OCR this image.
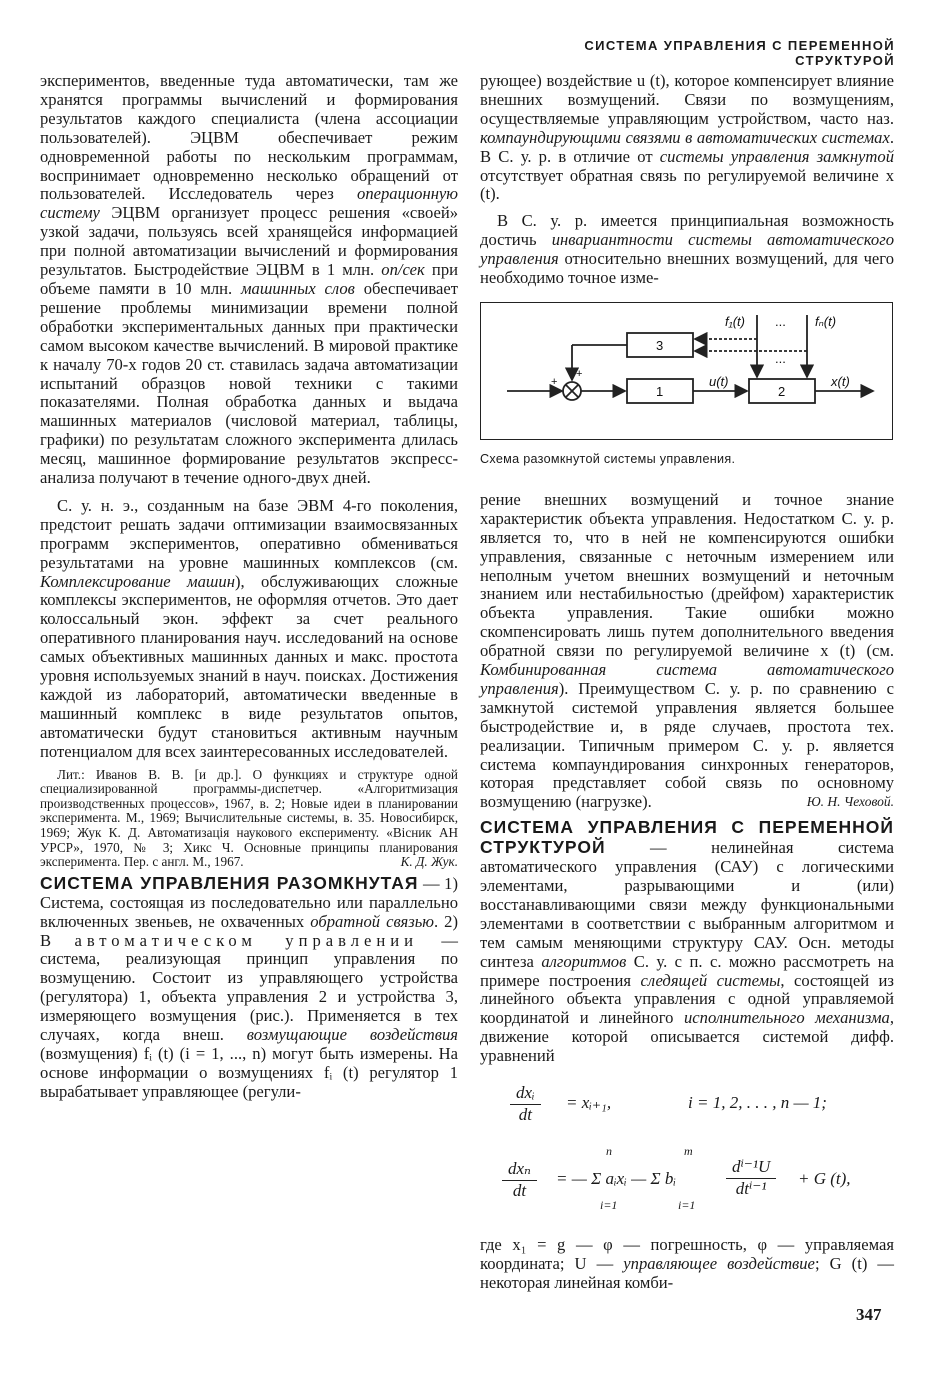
СИСТЕМА УПРАВЛЕНИЯ С ПЕРЕМЕННОЙ СТРУКТУРОЙ

экспериментов, введенные туда автоматически, там же хранятся программы вычислений и формирования результатов каждого специалиста (члена ассоциации пользователей). ЭЦВМ обеспечивает режим одновременной работы по нескольким программам, воспринимает одновременно несколько обращений от пользователей. Исследователь через операционную систему ЭЦВМ организует процесс решения «своей» узкой задачи, пользуясь всей хранящейся информацией при полной автоматизации вычислений и формирования результатов. Быстродействие ЭЦВМ в 1 млн. оп/сек при объеме памяти в 10 млн. машинных слов обеспечивает решение проблемы минимизации времени полной обработки экспериментальных данных при практически самом высоком качестве вычислений. В мировой практике к началу 70-х годов 20 ст. ставилась задача автоматизации испытаний образцов новой техники с такими показателями. Полная обработка данных и выдача машинных материалов (числовой материал, таблицы, графики) по результатам сложного эксперимента длилась месяц, машинное формирование результатов экспресс-анализа получают в течение одного-двух дней.

С. у. н. э., созданным на базе ЭВМ 4-го поколения, предстоит решать задачи оптимизации взаимосвязанных программ экспериментов, оперативно обмениваться результатами на уровне машинных комплексов (см. Комплексирование машин), обслуживающих сложные комплексы экспериментов, не оформляя отчетов. Это дает колоссальный экон. эффект за счет реального оперативного планирования науч. исследований на основе самых объективных машинных данных и макс. простота уровня используемых знаний в науч. поисках. Достижения каждой из лабораторий, автоматически введенные в машинный комплекс в виде результатов опытов, автоматически будут становиться активным научным потенциалом для всех заинтересованных исследователей.

Лит.: Иванов В. В. [и др.]. О функциях и структуре одной специализированной программы-диспетчер. «Алгоритмизация производственных процессов», 1967, в. 2; Новые идеи в планировании эксперимента. М., 1969; Вычислительные системы, в. 35. Новосибирск, 1969; Жук К. Д. Автоматизація наукового експерименту. «Вісник АН УРСР», 1970, № 3; Хикс Ч. Основные принципы планирования эксперимента. Пер. с англ. М., 1967.	К. Д. Жук.

СИСТЕМА УПРАВЛЕНИЯ РАЗОМКНУТАЯ — 1) Система, состоящая из последовательно или параллельно включенных звеньев, не охваченных обратной связью. 2) В автоматическом управлении — система, реализующая принцип управления по возмущению. Состоит из управляющего устройства (регулятора) 1, объекта управления 2 и устройства 3, измеряющего возмущения (рис.). Применяется в тех случаях, когда внеш. возмущающие воздействия (возмущения) fᵢ (t) (i = 1, ..., n) могут быть измерены. На основе информации о возмущениях fᵢ (t) регулятор 1 вырабатывает управляющее (регули-

рующее) воздействие u (t), которое компенсирует влияние внешних возмущений. Связи по возмущениям, осуществляемые управляющим устройством, часто наз. компаундирующими связями в автоматических системах. В С. у. р. в отличие от системы управления замкнутой отсутствует обратная связь по регулируемой величине x (t).

В С. у. р. имеется принципиальная возможность достичь инвариантности системы автоматического управления относительно внешних возмущений, для чего необходимо точное изме-

3
1	2
f₁(t)	fₙ(t)
...
...
u(t)	x(t)
+
+
Схема разомкнутой системы управления.

рение внешних возмущений и точное знание характеристик объекта управления. Недостатком С. у. р. является то, что в ней не компенсируются ошибки управления, связанные с неточным измерением или неполным учетом внешних возмущений и неточным знанием или нестабильностью (дрейфом) характеристик объекта управления. Такие ошибки можно скомпенсировать лишь путем дополнительного введения обратной связи по регулируемой величине x (t) (см. Комбинированная система автоматического управления). Преимуществом С. у. р. по сравнению с замкнутой системой управления является большее быстродействие и, в ряде случаев, простота тех. реализации. Типичным примером С. у. р. является система компаундирования синхронных генераторов, которая представляет собой связь по основному возмущению (нагрузке).	Ю. Н. Чеховой.

СИСТЕМА УПРАВЛЕНИЯ С ПЕРЕМЕННОЙ СТРУКТУРОЙ — нелинейная система автоматического управления (САУ) с логическими элементами, разрывающими и (или) восстанавливающими связи между функциональными элементами в соответствии с выбранным алгоритмом и тем самым меняющими структуру САУ. Осн. методы синтеза алгоритмов С. у. с п. с. можно рассмотреть на примере построения следящей системы, состоящей из линейного объекта управления с одной управляемой координатой и линейного исполнительного механизма, движение которой описывается системой дифф. уравнений

dxᵢ
dt
= xᵢ₊₁,	i = 1, 2, . . . , n — 1;
dxₙ
dt
= — Σ aᵢxᵢ — Σ bᵢ
n
i=1
m
i=1
dⁱ⁻¹U
dtⁱ⁻¹
+ G (t),

где x₁ = g — φ — погрешность, φ — управляемая координата; U — управляющее воздействие; G (t) — некоторая линейная комби-

347
